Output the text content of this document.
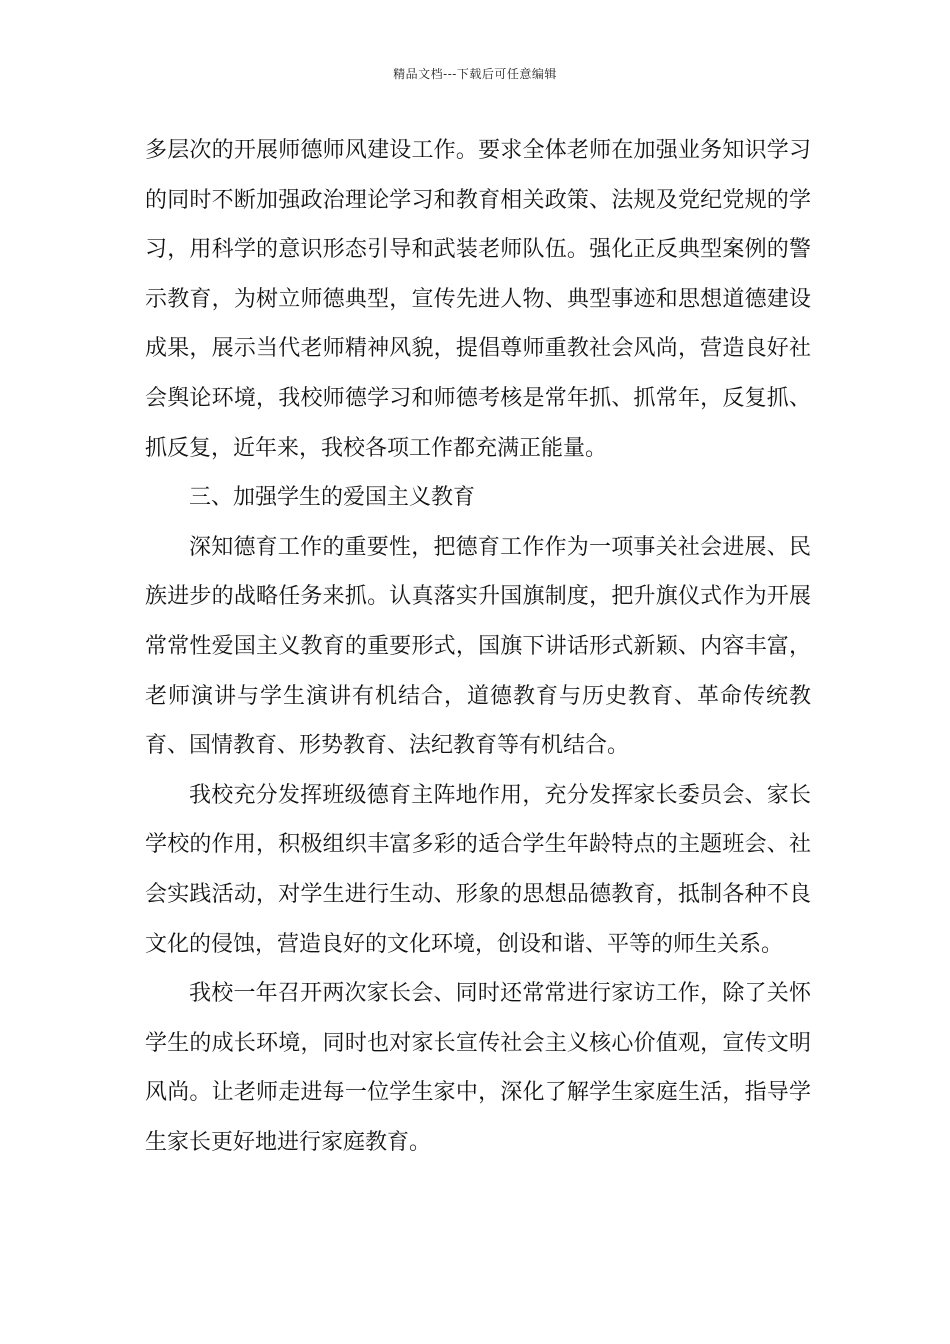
精品文档---下载后可任意编辑

多层次的开展师德师风建设工作。要求全体老师在加强业务知识学习的同时不断加强政治理论学习和教育相关政策、法规及党纪党规的学习，用科学的意识形态引导和武装老师队伍。强化正反典型案例的警示教育，为树立师德典型，宣传先进人物、典型事迹和思想道德建设成果，展示当代老师精神风貌，提倡尊师重教社会风尚，营造良好社会舆论环境，我校师德学习和师德考核是常年抓、抓常年，反复抓、抓反复，近年来，我校各项工作都充满正能量。

三、加强学生的爱国主义教育

深知德育工作的重要性，把德育工作作为一项事关社会进展、民族进步的战略任务来抓。认真落实升国旗制度，把升旗仪式作为开展常常性爱国主义教育的重要形式，国旗下讲话形式新颖、内容丰富，老师演讲与学生演讲有机结合，道德教育与历史教育、革命传统教育、国情教育、形势教育、法纪教育等有机结合。

我校充分发挥班级德育主阵地作用，充分发挥家长委员会、家长学校的作用，积极组织丰富多彩的适合学生年龄特点的主题班会、社会实践活动，对学生进行生动、形象的思想品德教育，抵制各种不良文化的侵蚀，营造良好的文化环境，创设和谐、平等的师生关系。

我校一年召开两次家长会、同时还常常进行家访工作，除了关怀学生的成长环境，同时也对家长宣传社会主义核心价值观，宣传文明风尚。让老师走进每一位学生家中，深化了解学生家庭生活，指导学生家长更好地进行家庭教育。
